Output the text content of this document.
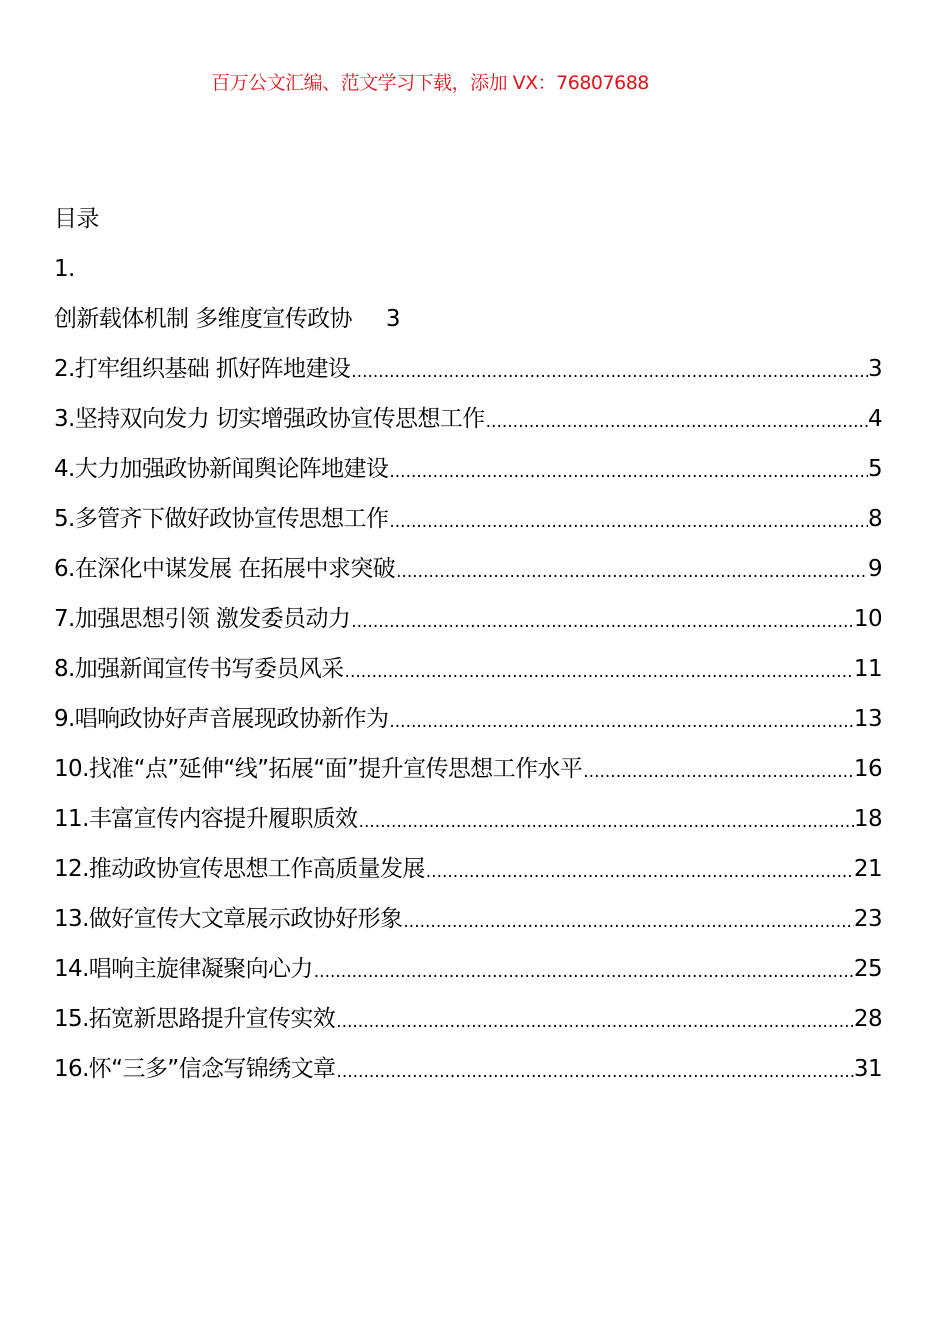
百万公文汇编、范文学习下载，添加 VX：76807688
目录
1.
创新载体机制 多维度宣传政协 3
2.打牢组织基础 抓好阵地建设 .....	3
3.坚持双向发力 切实增强政协宣传思想工作 .....	4
4.大力加强政协新闻舆论阵地建设 .....	5
5.多管齐下做好政协宣传思想工作 .....	8
6.在深化中谋发展 在拓展中求突破 .....	9
7.加强思想引领 激发委员动力 .....	10
8.加强新闻宣传书写委员风采 .....	11
9.唱响政协好声音展现政协新作为 .....	13
10.找准“点”延伸“线”拓展“面”提升宣传思想工作水平 .....	16
11.丰富宣传内容提升履职质效 .....	18
12.推动政协宣传思想工作高质量发展 .....	21
13.做好宣传大文章展示政协好形象 .....	23
14.唱响主旋律凝聚向心力 .....	25
15.拓宽新思路提升宣传实效 .....	28
16.怀“三多”信念写锦绣文章 .....	31
